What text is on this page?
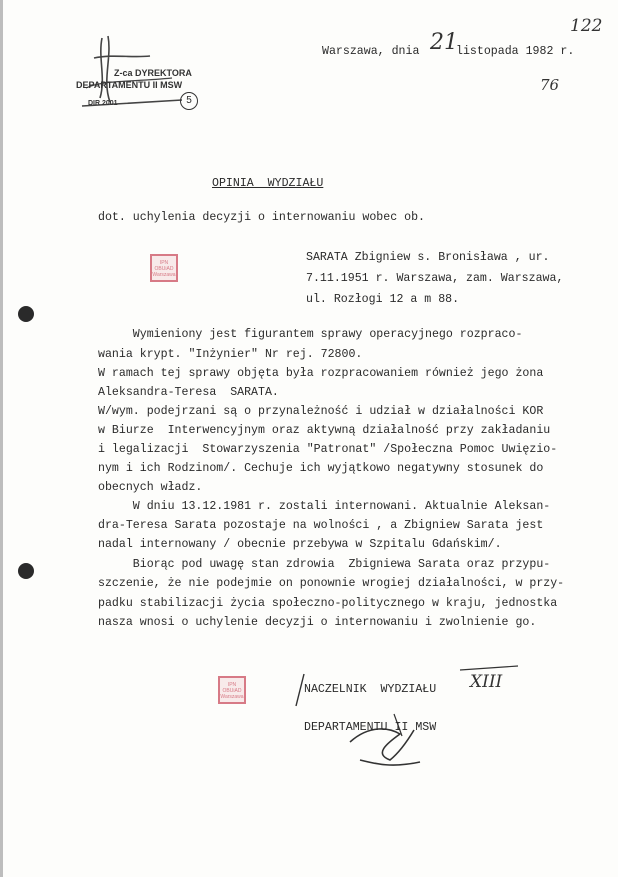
122
76
Warszawa, dnia 21
listopada 1982 r.
Z-ca DYREKTORA
DEPARTAMENTU II MSW
DIR 2001	5
OPINIA  WYDZIAŁU
dot. uchylenia decyzji o internowaniu wobec ob.
IPN
OBUiAD
Warszawa
IPN
OBUiAD
Warszawa
SARATA Zbigniew s. Bronisława , ur.
7.11.1951 r. Warszawa, zam. Warszawa,
ul. Rozłogi 12 a m 88.
Wymieniony jest figurantem sprawy operacyjnego rozpraco-
wania krypt. "Inżynier" Nr rej. 72800.
W ramach tej sprawy objęta była rozpracowaniem również jego żona
Aleksandra-Teresa  SARATA.
W/wym. podejrzani są o przynależność i udział w działalności KOR
w Biurze  Interwencyjnym oraz aktywną działalność przy zakładaniu
i legalizacji  Stowarzyszenia "Patronat" /Społeczna Pomoc Uwięzio-
nym i ich Rodzinom/. Cechuje ich wyjątkowo negatywny stosunek do
obecnych władz.
W dniu 13.12.1981 r. zostali internowani. Aktualnie Aleksan-
dra-Teresa Sarata pozostaje na wolności , a Zbigniew Sarata jest
nadal internowany / obecnie przebywa w Szpitalu Gdańskim/.
Biorąc pod uwagę stan zdrowia  Zbigniewa Sarata oraz przypu-
szczenie, że nie podejmie on ponownie wrogiej działalności, w przy-
padku stabilizacji życia społeczno-politycznego w kraju, jednostka
nasza wnosi o uchylenie decyzji o internowaniu i zwolnienie go.
NACZELNIK  WYDZIAŁU XIII
DEPARTAMENTU II MSW
